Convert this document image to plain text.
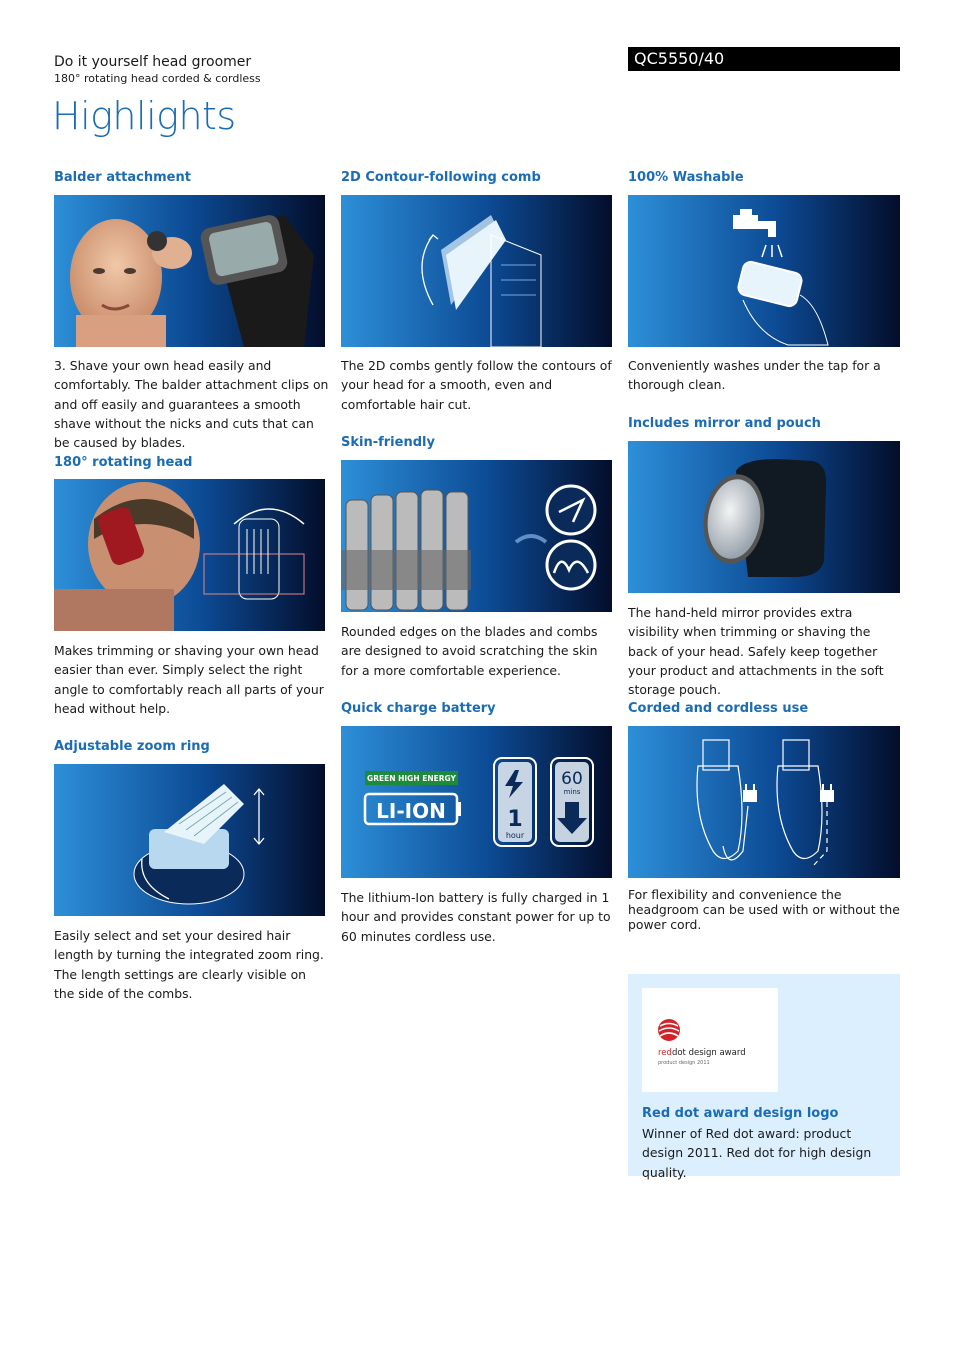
Do it yourself head groomer
180° rotating head corded & cordless
QC5550/40
Highlights
Balder attachment
3. Shave your own head easily and comfortably. The balder attachment clips on and off easily and guarantees a smooth shave without the nicks and cuts that can be caused by blades.
180° rotating head
Makes trimming or shaving your own head easier than ever. Simply select the right angle to comfortably reach all parts of your head without help.
Adjustable zoom ring
Easily select and set your desired hair length by turning the integrated zoom ring. The length settings are clearly visible on the side of the combs.
2D Contour-following comb
The 2D combs gently follow the contours of your head for a smooth, even and comfortable hair cut.
Skin-friendly
Rounded edges on the blades and combs are designed to avoid scratching the skin for a more comfortable experience.
Quick charge battery
GREEN HIGH ENERGY
LI-ION	1
hour
60
mins
The lithium-Ion battery is fully charged in 1 hour and provides constant power for up to 60 minutes cordless use.
100% Washable
Conveniently washes under the tap for a thorough clean.
Includes mirror and pouch
The hand-held mirror provides extra visibility when trimming or shaving the back of your head. Safely keep together your product and attachments in the soft storage pouch.
Corded and cordless use
For flexibility and convenience the headgroom can be used with or without the power cord.
reddot design award
product design 2011
Red dot award design logo
Winner of Red dot award: product design 2011. Red dot for high design quality.
